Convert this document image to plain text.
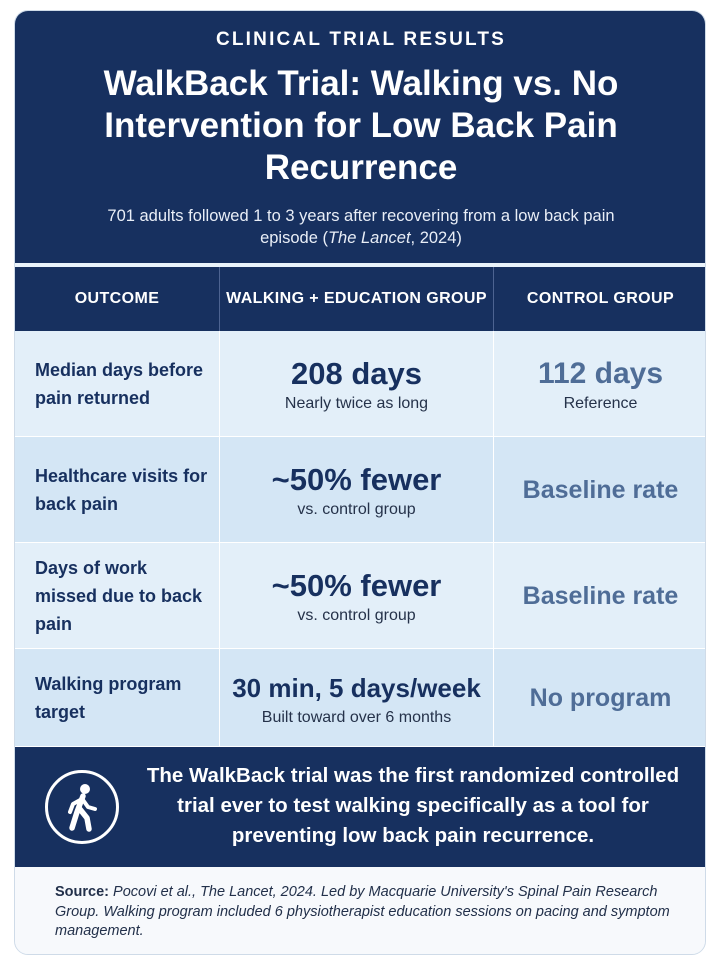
CLINICAL TRIAL RESULTS
WalkBack Trial: Walking vs. No Intervention for Low Back Pain Recurrence
701 adults followed 1 to 3 years after recovering from a low back pain episode (The Lancet, 2024)
OUTCOME	WALKING + EDUCATION GROUP	CONTROL GROUP
Median days before pain returned
208 days
Nearly twice as long
112 days
Reference
Healthcare visits for back pain
~50% fewer
vs. control group
Baseline rate
Days of work missed due to back pain
~50% fewer
vs. control group
Baseline rate
Walking program target
30 min, 5 days/week
Built toward over 6 months
No program
The WalkBack trial was the first randomized controlled trial ever to test walking specifically as a tool for preventing low back pain recurrence.
Source: Pocovi et al., The Lancet, 2024. Led by Macquarie University's Spinal Pain Research Group. Walking program included 6 physiotherapist education sessions on pacing and symptom management.
